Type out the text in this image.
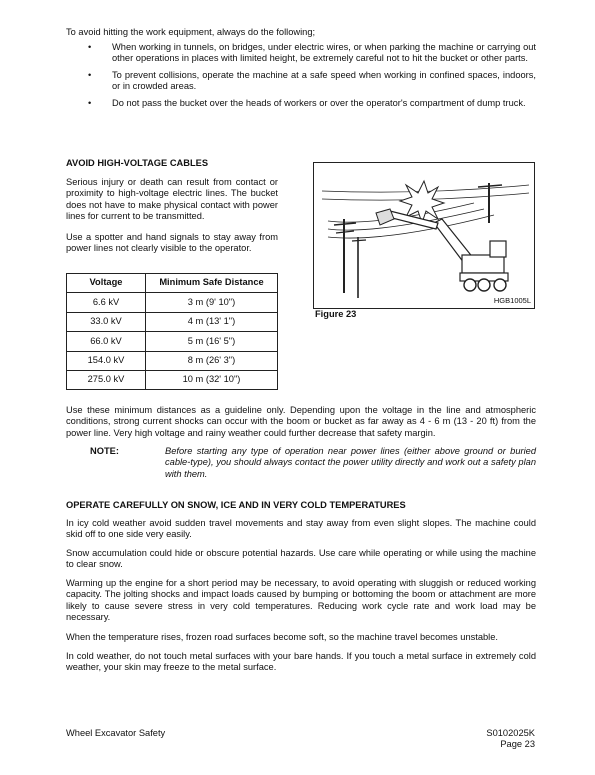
To avoid hitting the work equipment, always do the following;

• When working in tunnels, on bridges, under electric wires, or when parking the machine or carrying out other operations in places with limited height, be extremely careful not to hit the bucket or other parts.
• To prevent collisions, operate the machine at a safe speed when working in confined spaces, indoors, or in crowded areas.
• Do not pass the bucket over the heads of workers or over the operator's compartment of dump truck.
AVOID HIGH-VOLTAGE CABLES

Serious injury or death can result from contact or proximity to high-voltage electric lines. The bucket does not have to make physical contact with power lines for current to be transmitted.

Use a spotter and hand signals to stay away from power lines not clearly visible to the operator.

Voltage	Minimum Safe Distance
6.6 kV	3 m (9' 10")
33.0 kV	4 m (13' 1")
66.0 kV	5 m (16' 5")
154.0 kV	8 m (26' 3")
275.0 kV	10 m (32' 10")
HGB1005L
Figure 23

Use these minimum distances as a guideline only. Depending upon the voltage in the line and atmospheric conditions, strong current shocks can occur with the boom or bucket as far away as 4 - 6 m (13 - 20 ft) from the power line. Very high voltage and rainy weather could further decrease that safety margin.

NOTE:	Before starting any type of operation near power lines (either above ground or buried cable-type), you should always contact the power utility directly and work out a safety plan with them.
OPERATE CAREFULLY ON SNOW, ICE AND IN VERY COLD TEMPERATURES

In icy cold weather avoid sudden travel movements and stay away from even slight slopes. The machine could skid off to one side very easily.

Snow accumulation could hide or obscure potential hazards. Use care while operating or while using the machine to clear snow.

Warming up the engine for a short period may be necessary, to avoid operating with sluggish or reduced working capacity. The jolting shocks and impact loads caused by bumping or bottoming the boom or attachment are more likely to cause severe stress in very cold temperatures. Reducing work cycle rate and work load may be necessary.

When the temperature rises, frozen road surfaces become soft, so the machine travel becomes unstable.

In cold weather, do not touch metal surfaces with your bare hands. If you touch a metal surface in extremely cold weather, your skin may freeze to the metal surface.

Wheel Excavator Safety	S0102025K
Page 23
